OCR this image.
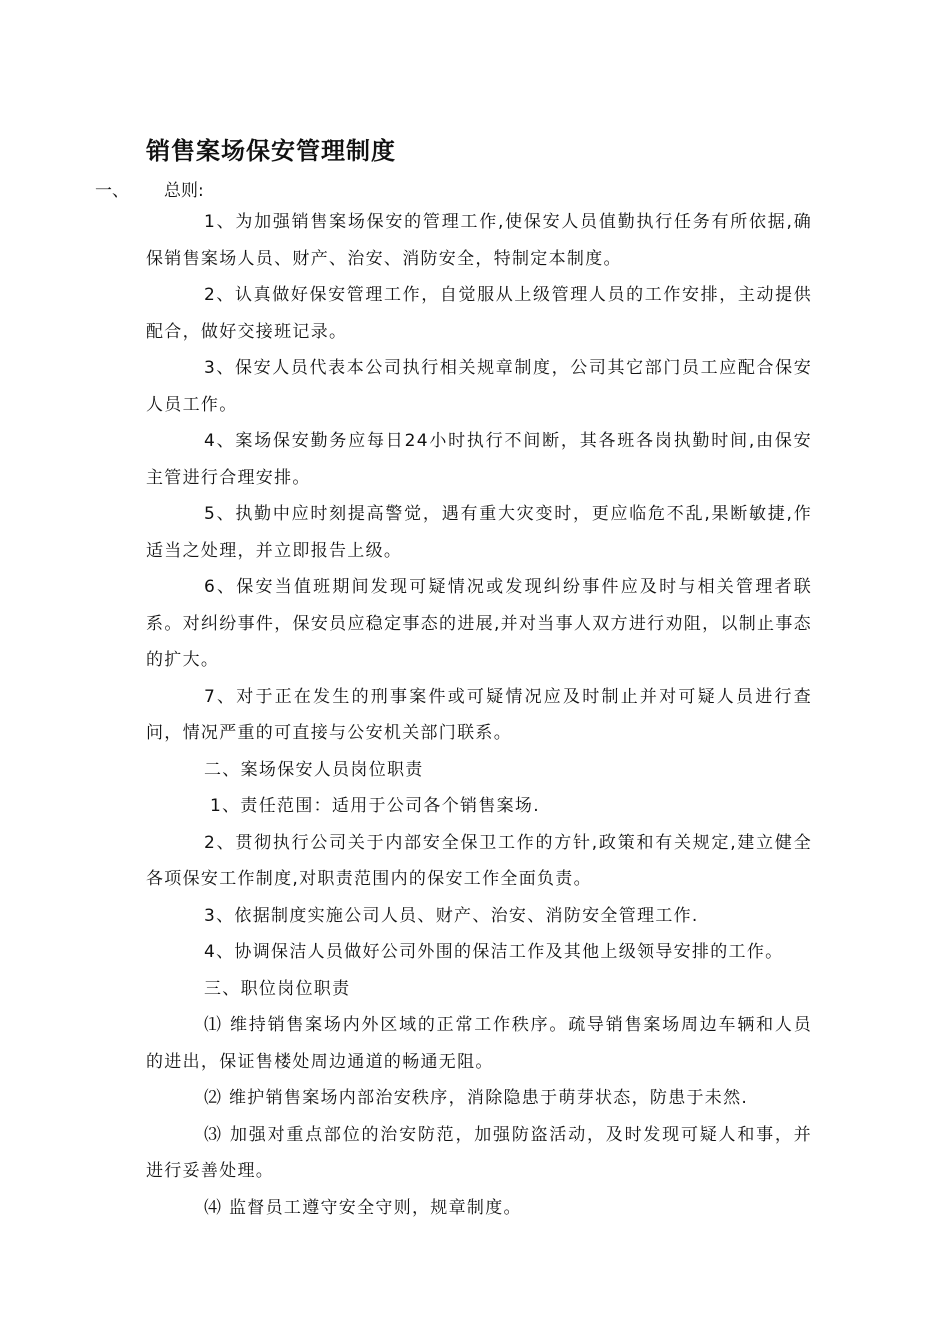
销售案场保安管理制度
一、 总则:

1、为加强销售案场保安的管理工作,使保安人员值勤执行任务有所依据,确保销售案场人员、财产、治安、消防安全，特制定本制度。

2、认真做好保安管理工作，自觉服从上级管理人员的工作安排，主动提供配合，做好交接班记录。

3、保安人员代表本公司执行相关规章制度，公司其它部门员工应配合保安人员工作。

4、案场保安勤务应每日24小时执行不间断，其各班各岗执勤时间,由保安主管进行合理安排。

5、执勤中应时刻提高警觉，遇有重大灾变时，更应临危不乱,果断敏捷,作适当之处理，并立即报告上级。

6、保安当值班期间发现可疑情况或发现纠纷事件应及时与相关管理者联系。对纠纷事件，保安员应稳定事态的进展,并对当事人双方进行劝阻，以制止事态的扩大。

7、对于正在发生的刑事案件或可疑情况应及时制止并对可疑人员进行查问，情况严重的可直接与公安机关部门联系。

二、案场保安人员岗位职责

1、责任范围：适用于公司各个销售案场.

2、贯彻执行公司关于内部安全保卫工作的方针,政策和有关规定,建立健全各项保安工作制度,对职责范围内的保安工作全面负责。

3、依据制度实施公司人员、财产、治安、消防安全管理工作.

4、协调保洁人员做好公司外围的保洁工作及其他上级领导安排的工作。

三、职位岗位职责

⑴ 维持销售案场内外区域的正常工作秩序。疏导销售案场周边车辆和人员的进出，保证售楼处周边通道的畅通无阻。

⑵ 维护销售案场内部治安秩序，消除隐患于萌芽状态，防患于未然.

⑶ 加强对重点部位的治安防范，加强防盗活动，及时发现可疑人和事，并进行妥善处理。

⑷ 监督员工遵守安全守则，规章制度。
